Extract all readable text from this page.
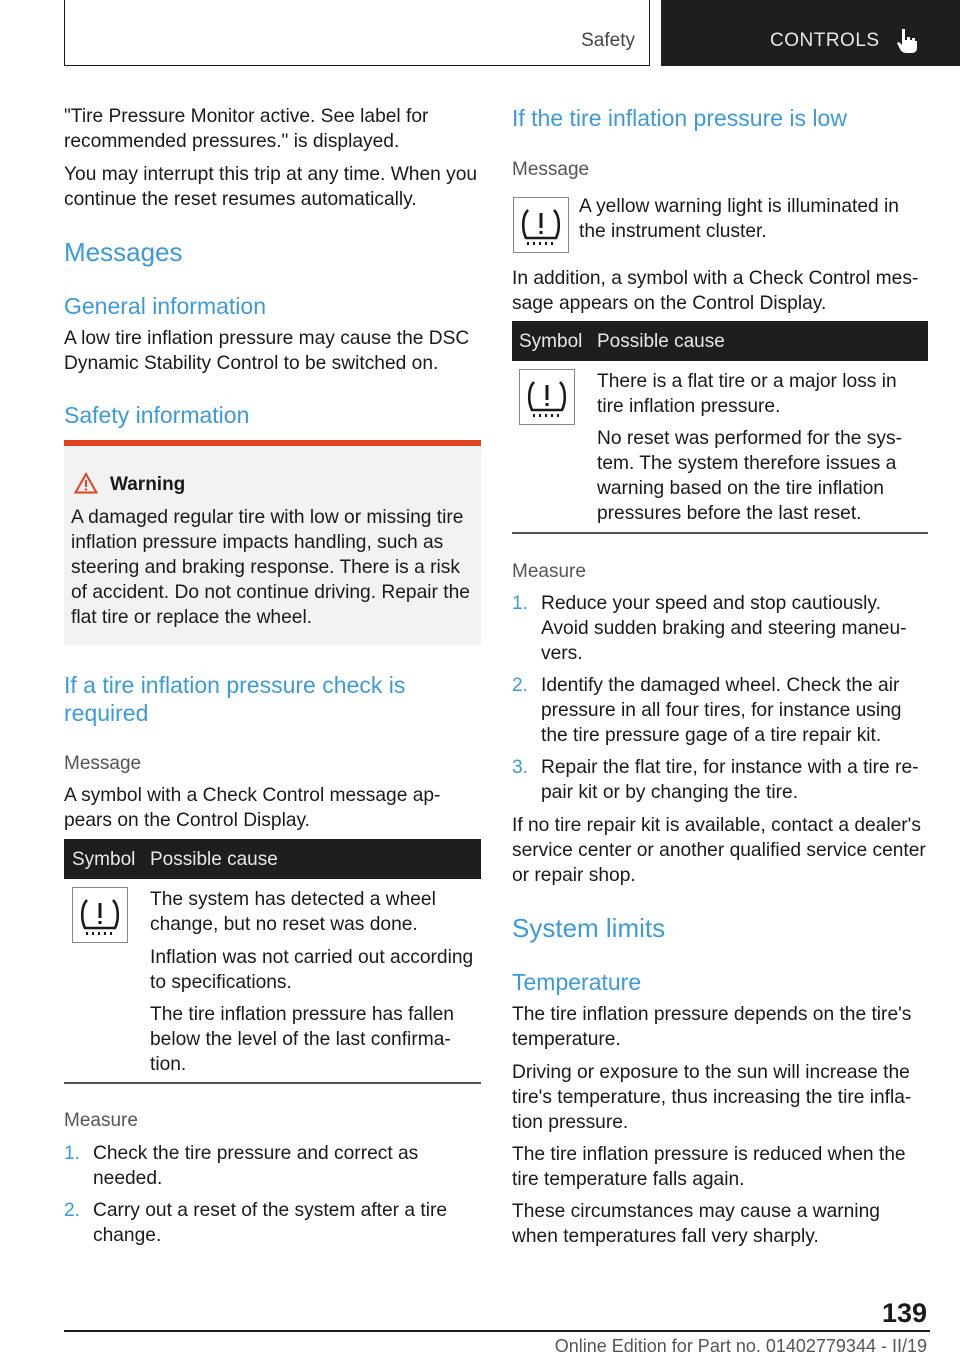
Safety	CONTROLS

"Tire Pressure Monitor active. See label for recommended pressures." is displayed.

You may interrupt this trip at any time. When you continue the reset resumes automatically.

Messages
General information

A low tire inflation pressure may cause the DSC Dynamic Stability Control to be switched on.

Safety information
Warning

A damaged regular tire with low or missing tire inflation pressure impacts handling, such as steering and braking response. There is a risk of accident. Do not continue driving. Repair the flat tire or replace the wheel.

If a tire inflation pressure check is required
Message

A symbol with a Check Control message ap‐ pears on the Control Display.

Symbol Possible cause

The system has detected a wheel change, but no reset was done.

Inflation was not carried out according to specifications.

The tire inflation pressure has fallen below the level of the last confirma‐ tion.

Measure
1. Check the tire pressure and correct as needed.
2. Carry out a reset of the system after a tire change.
If the tire inflation pressure is low
Message

A yellow warning light is illuminated in the instrument cluster.

In addition, a symbol with a Check Control mes‐ sage appears on the Control Display.

Symbol Possible cause

There is a flat tire or a major loss in tire inflation pressure.

No reset was performed for the sys‐ tem. The system therefore issues a warning based on the tire inflation pressures before the last reset.

Measure
1. Reduce your speed and stop cautiously. Avoid sudden braking and steering maneu‐ vers.
2. Identify the damaged wheel. Check the air pressure in all four tires, for instance using the tire pressure gage of a tire repair kit.
3. Repair the flat tire, for instance with a tire re‐ pair kit or by changing the tire.

If no tire repair kit is available, contact a dealer's service center or another qualified service center or repair shop.

System limits
Temperature

The tire inflation pressure depends on the tire's temperature.

Driving or exposure to the sun will increase the tire's temperature, thus increasing the tire infla‐ tion pressure.

The tire inflation pressure is reduced when the tire temperature falls again.

These circumstances may cause a warning when temperatures fall very sharply.

139
Online Edition for Part no. 01402779344 - II/19
